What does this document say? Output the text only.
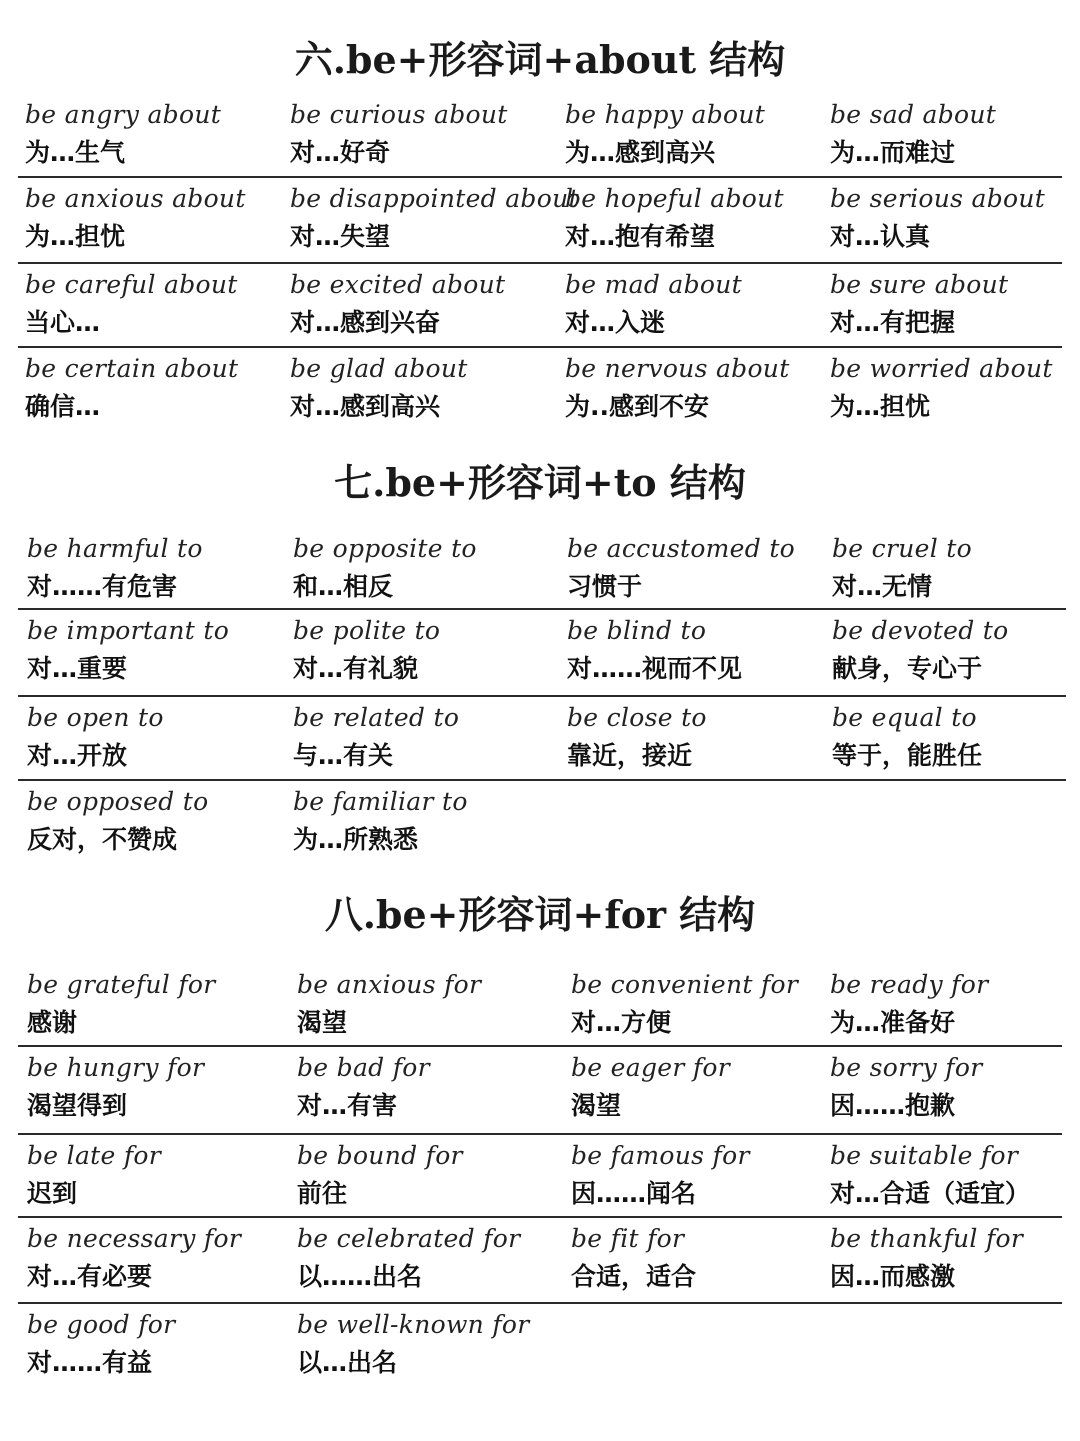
六.be+形容词+about 结构
be angry about
为…生气
be curious about
对…好奇
be happy about
为…感到高兴
be sad about
为…而难过
be anxious about
为…担忧
be disappointed about
对…失望
be hopeful about
对…抱有希望
be serious about
对…认真
be careful about
当心…
be excited about
对…感到兴奋
be mad about
对…入迷
be sure about
对…有把握
be certain about
确信…
be glad about
对…感到高兴
be nervous about
为..感到不安
be worried about
为…担忧
七.be+形容词+to 结构
be harmful to
对……有危害
be opposite to
和…相反
be accustomed to
习惯于
be cruel to
对…无情
be important to
对…重要
be polite to
对…有礼貌
be blind to
对……视而不见
be devoted to
献身，专心于
be open to
对…开放
be related to
与…有关
be close to
靠近，接近
be equal to
等于，能胜任
be opposed to
反对，不赞成
be familiar to
为…所熟悉
八.be+形容词+for 结构
be grateful for
感谢
be anxious for
渴望
be convenient for
对…方便
be ready for
为…准备好
be hungry for
渴望得到
be bad for
对…有害
be eager for
渴望
be sorry for
因……抱歉
be late for
迟到
be bound for
前往
be famous for
因……闻名
be suitable for
对…合适（适宜）
be necessary for
对…有必要
be celebrated for
以……出名
be fit for
合适，适合
be thankful for
因…而感激
be good for
对……有益
be well-known for
以…出名
